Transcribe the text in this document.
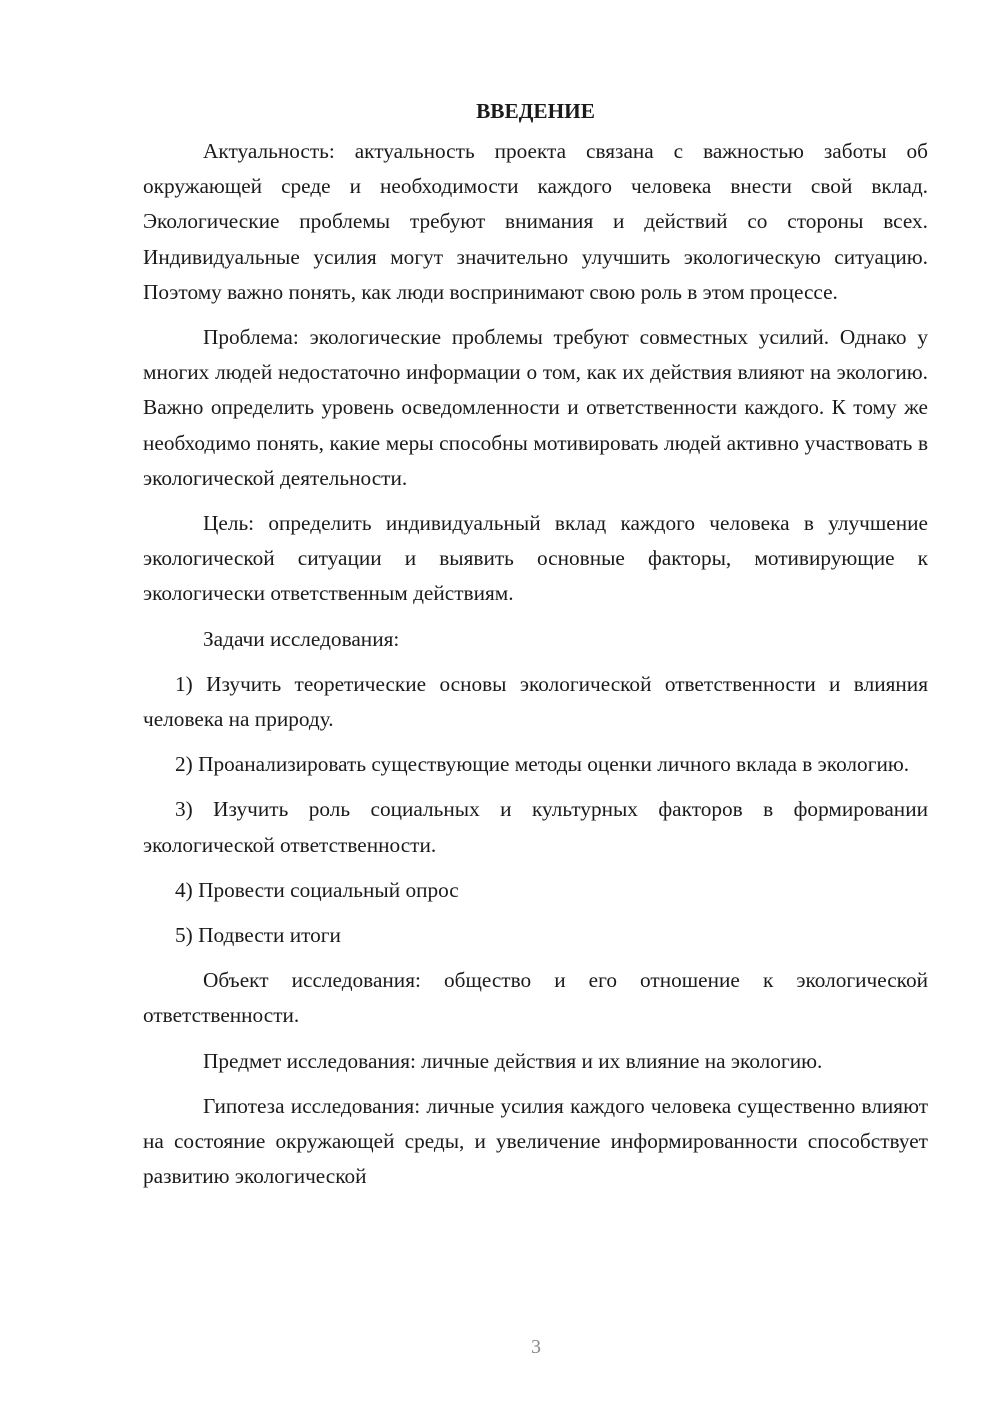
ВВЕДЕНИЕ

Актуальность: актуальность проекта связана с важностью заботы об окружающей среде и необходимости каждого человека внести свой вклад. Экологические проблемы требуют внимания и действий со стороны всех. Индивидуальные усилия могут значительно улучшить экологическую ситуацию. Поэтому важно понять, как люди воспринимают свою роль в этом процессе.

Проблема: экологические проблемы требуют совместных усилий. Однако у многих людей недостаточно информации о том, как их действия влияют на экологию. Важно определить уровень осведомленности и ответственности каждого. К тому же необходимо понять, какие меры способны мотивировать людей активно участвовать в экологической деятельности.

Цель: определить индивидуальный вклад каждого человека в улучшение экологической ситуации и выявить основные факторы, мотивирующие к экологически ответственным действиям.

Задачи исследования:

1) Изучить теоретические основы экологической ответственности и влияния человека на природу.

2) Проанализировать существующие методы оценки личного вклада в экологию.

3) Изучить роль социальных и культурных факторов в формировании экологической ответственности.

4) Провести социальный опрос

5) Подвести итоги

Объект исследования: общество и его отношение к экологической ответственности.

Предмет исследования: личные действия и их влияние на экологию.

Гипотеза исследования: личные усилия каждого человека существенно влияют на состояние окружающей среды, и увеличение информированности способствует развитию экологической

3
